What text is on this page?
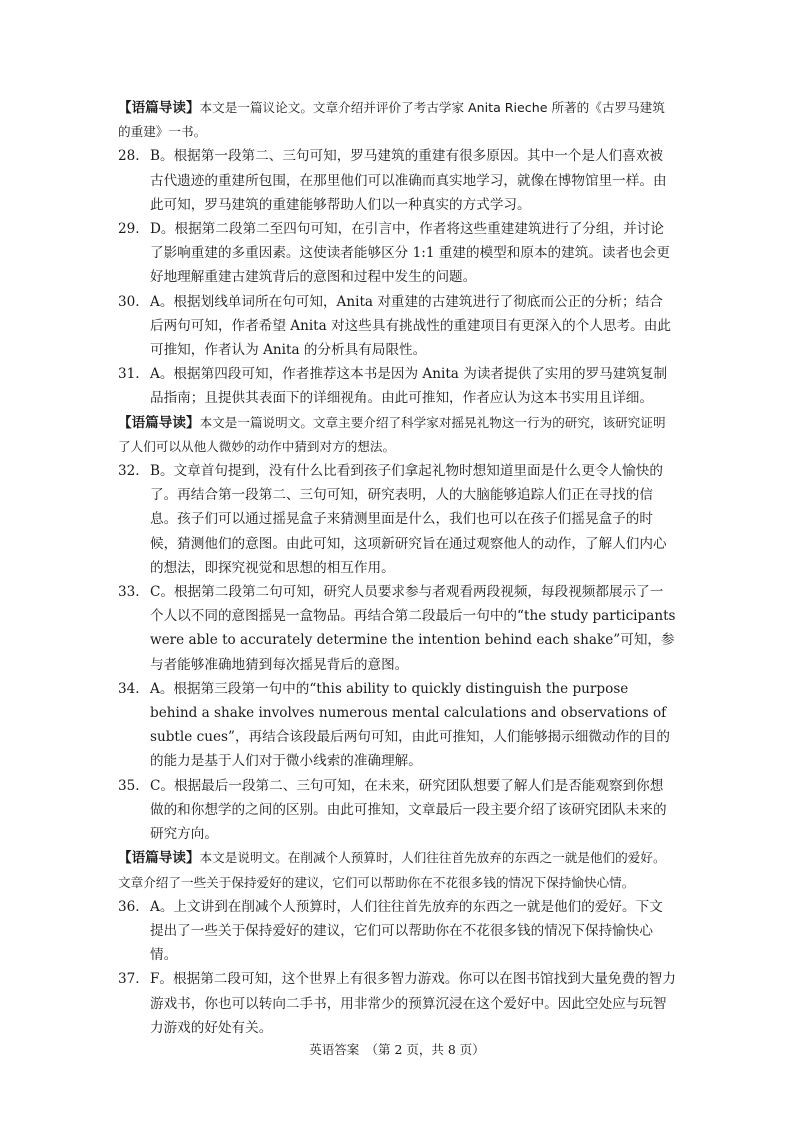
【语篇导读】本文是一篇议论文。文章介绍并评价了考古学家 Anita Rieche 所著的《古罗马建筑的重建》一书。

28. B。根据第一段第二、三句可知，罗马建筑的重建有很多原因。其中一个是人们喜欢被古代遗迹的重建所包围，在那里他们可以准确而真实地学习，就像在博物馆里一样。由此可知，罗马建筑的重建能够帮助人们以一种真实的方式学习。
29. D。根据第二段第二至四句可知，在引言中，作者将这些重建建筑进行了分组，并讨论了影响重建的多重因素。这使读者能够区分 1:1 重建的模型和原本的建筑。读者也会更好地理解重建古建筑背后的意图和过程中发生的问题。
30. A。根据划线单词所在句可知，Anita 对重建的古建筑进行了彻底而公正的分析；结合后两句可知，作者希望 Anita 对这些具有挑战性的重建项目有更深入的个人思考。由此可推知，作者认为 Anita 的分析具有局限性。
31. A。根据第四段可知，作者推荐这本书是因为 Anita 为读者提供了实用的罗马建筑复制品指南；且提供其表面下的详细视角。由此可推知，作者应认为这本书实用且详细。

【语篇导读】本文是一篇说明文。文章主要介绍了科学家对摇晃礼物这一行为的研究，该研究证明了人们可以从他人微妙的动作中猜到对方的想法。

32. B。文章首句提到，没有什么比看到孩子们拿起礼物时想知道里面是什么更令人愉快的了。再结合第一段第二、三句可知，研究表明，人的大脑能够追踪人们正在寻找的信息。孩子们可以通过摇晃盒子来猜测里面是什么，我们也可以在孩子们摇晃盒子的时候，猜测他们的意图。由此可知，这项新研究旨在通过观察他人的动作，了解人们内心的想法，即探究视觉和思想的相互作用。
33. C。根据第二段第二句可知，研究人员要求参与者观看两段视频，每段视频都展示了一个人以不同的意图摇晃一盒物品。再结合第二段最后一句中的“the study participants were able to accurately determine the intention behind each shake”可知，参与者能够准确地猜到每次摇晃背后的意图。
34. A。根据第三段第一句中的“this ability to quickly distinguish the purpose behind a shake involves numerous mental calculations and observations of subtle cues”，再结合该段最后两句可知，由此可推知，人们能够揭示细微动作的目的的能力是基于人们对于微小线索的准确理解。
35. C。根据最后一段第二、三句可知，在未来，研究团队想要了解人们是否能观察到你想做的和你想学的之间的区别。由此可推知，文章最后一段主要介绍了该研究团队未来的研究方向。

【语篇导读】本文是说明文。在削减个人预算时，人们往往首先放弃的东西之一就是他们的爱好。文章介绍了一些关于保持爱好的建议，它们可以帮助你在不花很多钱的情况下保持愉快心情。

36. A。上文讲到在削减个人预算时，人们往往首先放弃的东西之一就是他们的爱好。下文提出了一些关于保持爱好的建议，它们可以帮助你在不花很多钱的情况下保持愉快心情。
37. F。根据第二段可知，这个世界上有很多智力游戏。你可以在图书馆找到大量免费的智力游戏书，你也可以转向二手书，用非常少的预算沉浸在这个爱好中。因此空处应与玩智力游戏的好处有关。
英语答案　（第 2 页，共 8 页）
